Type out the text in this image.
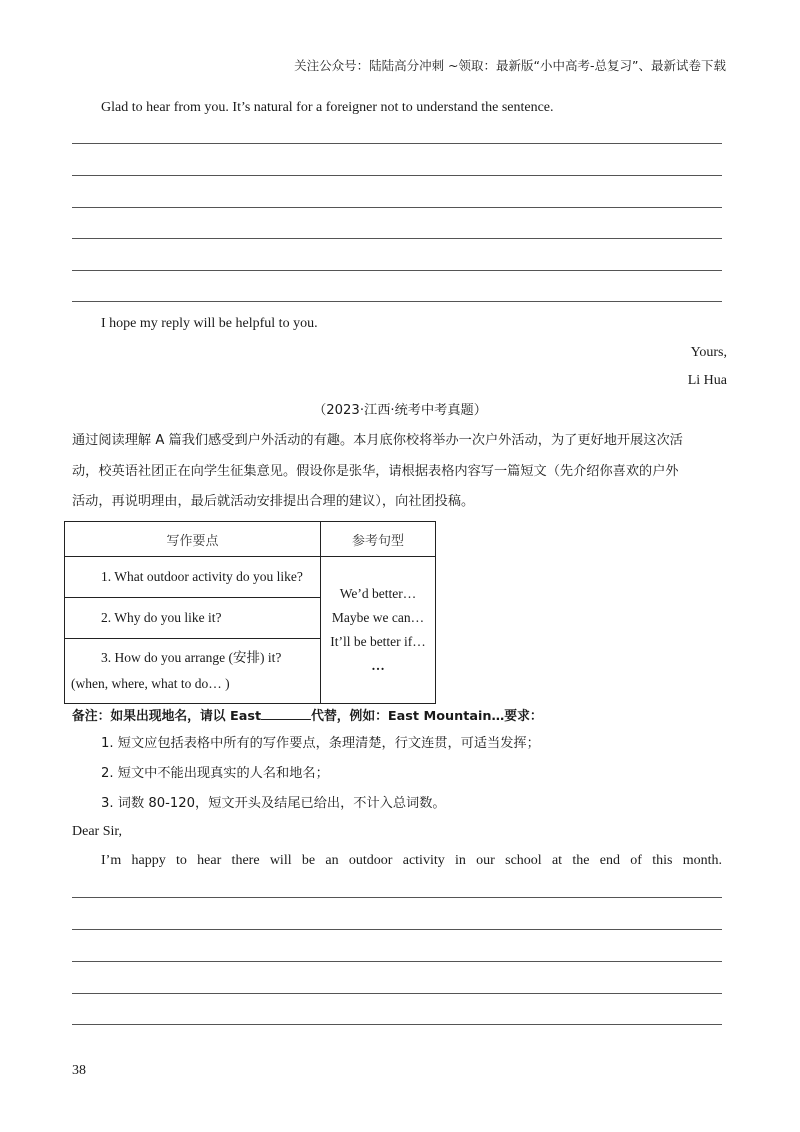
关注公众号：陆陆高分冲刺 ~领取：最新版“小中高考-总复习”、最新试卷下载
Glad to hear from you. It’s natural for a foreigner not to understand the sentence.
I hope my reply will be helpful to you.
Yours,
Li Hua
（2023·江西·统考中考真题）
通过阅读理解 A 篇我们感受到户外活动的有趣。本月底你校将举办一次户外活动，为了更好地开展这次活
动，校英语社团正在向学生征集意见。假设你是张华，请根据表格内容写一篇短文（先介绍你喜欢的户外
活动，再说明理由，最后就活动安排提出合理的建议），向社团投稿。
写作要点	参考句型
1. What outdoor activity do you like?	We’d better…
Maybe we can…
It’ll be better if…
…

2. Why do you like it?	

3. How do you arrange (安排) it?
(when, where, what to do… )	
备注：如果出现地名，请以 East	代替，例如：East Mountain…要求：
1. 短文应包括表格中所有的写作要点，条理清楚，行文连贯，可适当发挥；
2. 短文中不能出现真实的人名和地名；
3. 词数 80-120，短文开头及结尾已给出，不计入总词数。
Dear Sir,
I’m happy to hear there will be an outdoor activity in our school at the end of this month.
38
